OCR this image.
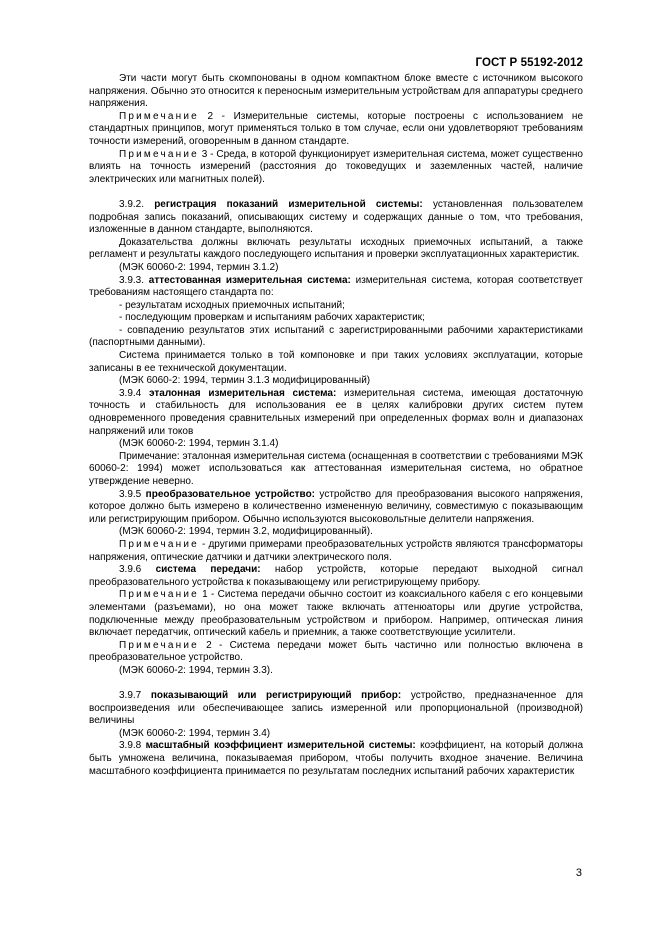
ГОСТ Р 55192-2012

Эти части могут быть скомпонованы в одном компактном блоке вместе с источником высокого напряжения. Обычно это относится к переносным измерительным устройствам для аппаратуры среднего напряжения.

Примечание 2 - Измерительные системы, которые построены с использованием не стандартных принципов, могут применяться только в том случае, если они удовлетворяют требованиям точности измерений, оговоренным в данном стандарте.

Примечание 3 - Среда, в которой функционирует измерительная система, может существенно влиять на точность измерений (расстояния до токоведущих и заземленных частей, наличие электрических или магнитных полей).

3.9.2. регистрация показаний измерительной системы: установленная пользователем подробная запись показаний, описывающих систему и содержащих данные о том, что требования, изложенные в данном стандарте, выполняются.

Доказательства должны включать результаты исходных приемочных испытаний, а также регламент и результаты каждого последующего испытания и проверки эксплуатационных характеристик.

(МЭК 60060-2: 1994, термин 3.1.2)

3.9.3. аттестованная измерительная система: измерительная система, которая соответствует требованиям настоящего стандарта по:

- результатам исходных приемочных испытаний;

- последующим проверкам и испытаниям рабочих характеристик;

- совпадению результатов этих испытаний с зарегистрированными рабочими характеристиками (паспортными данными).

Система принимается только в той компоновке и при таких условиях эксплуатации, которые записаны в ее технической документации.

(МЭК 6060-2: 1994, термин 3.1.3 модифицированный)

3.9.4 эталонная измерительная система: измерительная система, имеющая достаточную точность и стабильность для использования ее в целях калибровки других систем путем одновременного проведения сравнительных измерений при определенных формах волн и диапазонах напряжений или токов

(МЭК 60060-2: 1994, термин 3.1.4)

Примечание: эталонная измерительная система (оснащенная в соответствии с требованиями МЭК 60060-2: 1994) может использоваться как аттестованная измерительная система, но обратное утверждение неверно.

3.9.5 преобразовательное устройство: устройство для преобразования высокого напряжения, которое должно быть измерено в количественно измененную величину, совместимую с показывающим или регистрирующим прибором. Обычно используются высоковольтные делители напряжения.

(МЭК 60060-2: 1994, термин 3.2, модифицированный).

Примечание - другими примерами преобразовательных устройств являются трансформаторы напряжения, оптические датчики и датчики электрического поля.

3.9.6 система передачи: набор устройств, которые передают выходной сигнал преобразовательного устройства к показывающему или регистрирующему прибору.

Примечание 1 - Система передачи обычно состоит из коаксиального кабеля с его концевыми элементами (разъемами), но она может также включать аттенюаторы или другие устройства, подключенные между преобразовательным устройством и прибором. Например, оптическая линия включает передатчик, оптический кабель и приемник, а также соответствующие усилители.

Примечание 2 - Система передачи может быть частично или полностью включена в преобразовательное устройство.

(МЭК 60060-2: 1994, термин 3.3).

3.9.7 показывающий или регистрирующий прибор: устройство, предназначенное для воспроизведения или обеспечивающее запись измеренной или пропорциональной (производной) величины

(МЭК 60060-2: 1994, термин 3.4)

3.9.8 масштабный коэффициент измерительной системы: коэффициент, на который должна быть умножена величина, показываемая прибором, чтобы получить входное значение. Величина масштабного коэффициента принимается по результатам последних испытаний рабочих характеристик

3
